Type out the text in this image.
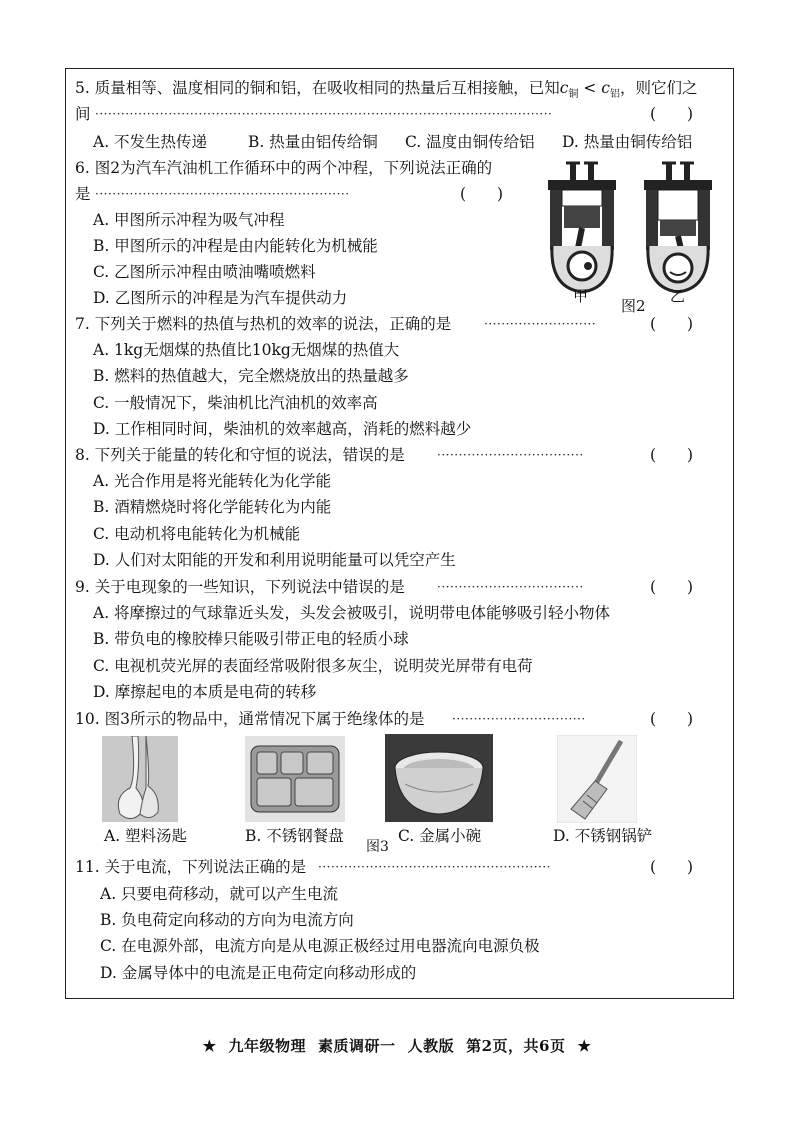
5. 质量相等、温度相同的铜和铝，在吸收相同的热量后互相接触，已知$c_铜 < c_铝$，则它们之
间 ··········································································································	(　　)
A. 不发生热传递	B. 热量由铝传给铜 C. 温度由铜传给铝 D. 热量由铜传给铝
6. 图2为汽车汽油机工作循环中的两个冲程，下列说法正确的
是 ···························································	(　　)
A. 甲图所示冲程为吸气冲程
B. 甲图所示的冲程是由内能转化为机械能
C. 乙图所示冲程由喷油嘴喷燃料
D. 乙图所示的冲程是为汽车提供动力	甲
图2
乙
7. 下列关于燃料的热值与热机的效率的说法，正确的是	··························	(　　)
A. 1kg无烟煤的热值比10kg无烟煤的热值大
B. 燃料的热值越大，完全燃烧放出的热量越多
C. 一般情况下，柴油机比汽油机的效率高
D. 工作相同时间，柴油机的效率越高，消耗的燃料越少
8. 下列关于能量的转化和守恒的说法，错误的是	··································	(　　)
A. 光合作用是将光能转化为化学能
B. 酒精燃烧时将化学能转化为内能
C. 电动机将电能转化为机械能
D. 人们对太阳能的开发和利用说明能量可以凭空产生
9. 关于电现象的一些知识，下列说法中错误的是	··································	(　　)
A. 将摩擦过的气球靠近头发，头发会被吸引，说明带电体能够吸引轻小物体
B. 带负电的橡胶棒只能吸引带正电的轻质小球
C. 电视机荧光屏的表面经常吸附很多灰尘，说明荧光屏带有电荷
D. 摩擦起电的本质是电荷的转移
10. 图3所示的物品中，通常情况下属于绝缘体的是 ·······························	(　　)
A. 塑料汤匙	B. 不锈钢餐盘
图3
C. 金属小碗	D. 不锈钢锅铲
11. 关于电流，下列说法正确的是 ······················································	(　　)
A. 只要电荷移动，就可以产生电流
B. 负电荷定向移动的方向为电流方向
C. 在电源外部，电流方向是从电源正极经过用电器流向电源负极
D. 金属导体中的电流是正电荷定向移动形成的
★ 九年级物理 素质调研一 人教版 第2页，共6页 ★
